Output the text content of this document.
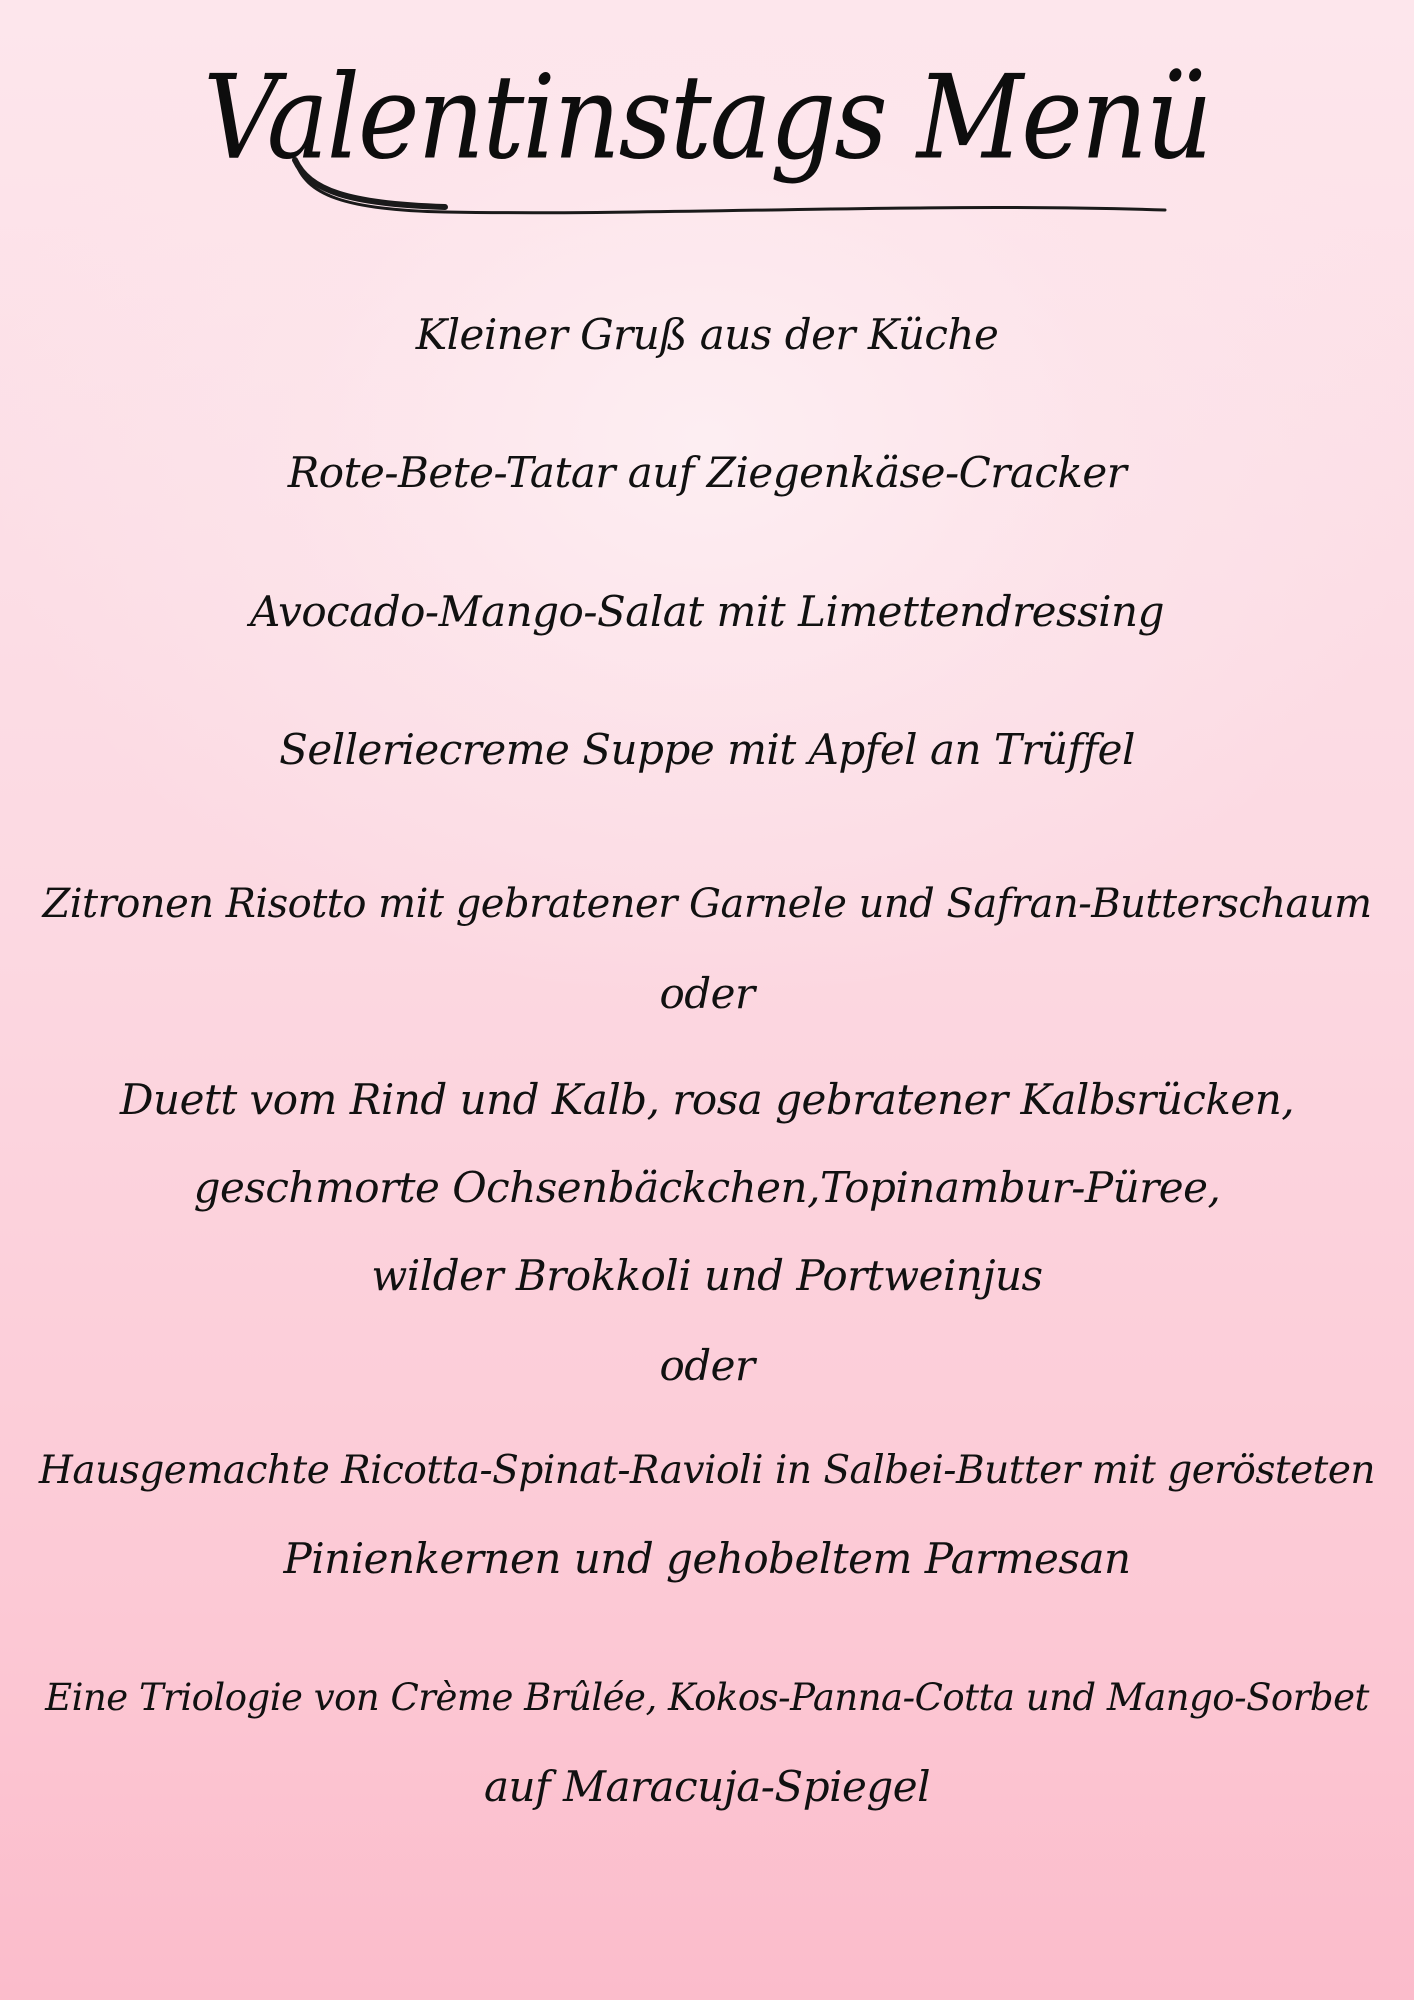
Valentinstags Menü
Kleiner Gruß aus der Küche
Rote-Bete-Tatar auf Ziegenkäse-Cracker
Avocado-Mango-Salat mit Limettendressing
Selleriecreme Suppe mit Apfel an Trüffel
Zitronen Risotto mit gebratener Garnele und Safran-Butterschaum
oder
Duett vom Rind und Kalb, rosa gebratener Kalbsrücken,
geschmorte Ochsenbäckchen,Topinambur-Püree,
wilder Brokkoli und Portweinjus
oder
Hausgemachte Ricotta-Spinat-Ravioli in Salbei-Butter mit gerösteten
Pinienkernen und gehobeltem Parmesan
Eine Triologie von Crème Brûlée, Kokos-Panna-Cotta und Mango-Sorbet
auf Maracuja-Spiegel
